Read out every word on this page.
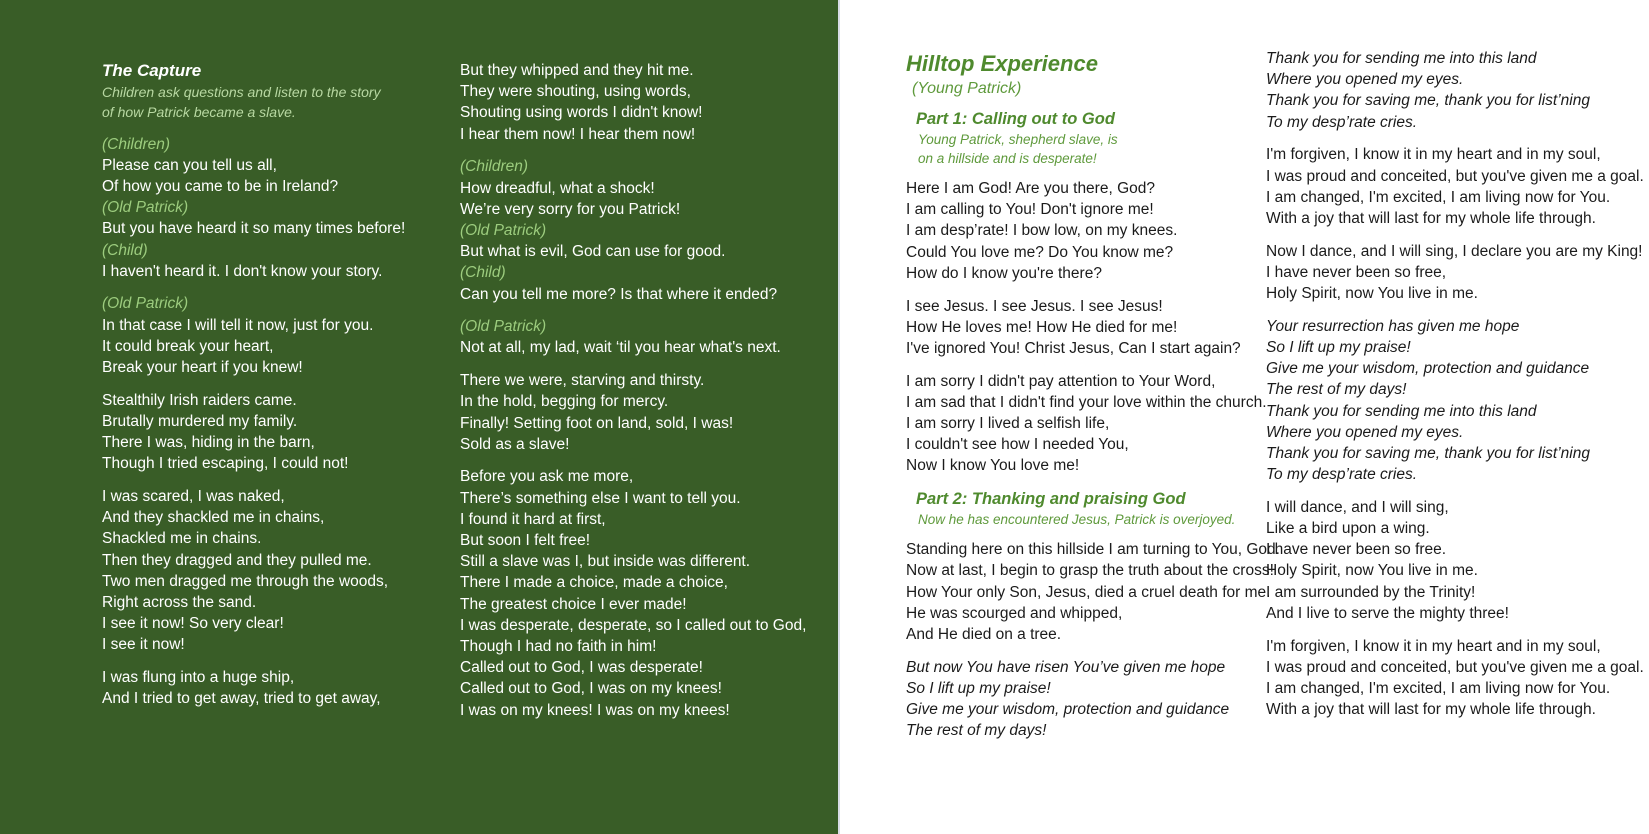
The Capture
Children ask questions and listen to the story
of how Patrick became a slave.
(Children)
Please can you tell us all,
Of how you came to be in Ireland?
(Old Patrick)
But you have heard it so many times before!
(Child)
I haven't heard it. I don't know your story.
(Old Patrick)
In that case I will tell it now, just for you.
It could break your heart,
Break your heart if you knew!
Stealthily Irish raiders came.
Brutally murdered my family.
There I was, hiding in the barn,
Though I tried escaping, I could not!
I was scared, I was naked,
And they shackled me in chains,
Shackled me in chains.
Then they dragged and they pulled me.
Two men dragged me through the woods,
Right across the sand.
I see it now! So very clear!
I see it now!
I was flung into a huge ship,
And I tried to get away, tried to get away,
But they whipped and they hit me.
They were shouting, using words,
Shouting using words I didn't know!
I hear them now! I hear them now!
(Children)
How dreadful, what a shock!
We’re very sorry for you Patrick!
(Old Patrick)
But what is evil, God can use for good.
(Child)
Can you tell me more? Is that where it ended?
(Old Patrick)
Not at all, my lad, wait ‘til you hear what's next.
There we were, starving and thirsty.
In the hold, begging for mercy.
Finally! Setting foot on land, sold, I was!
Sold as a slave!
Before you ask me more,
There’s something else I want to tell you.
I found it hard at first,
But soon I felt free!
Still a slave was I, but inside was different.
There I made a choice, made a choice,
The greatest choice I ever made!
I was desperate, desperate, so I called out to God,
Though I had no faith in him!
Called out to God, I was desperate!
Called out to God, I was on my knees!
I was on my knees! I was on my knees!
Hilltop Experience
(Young Patrick)
Part 1: Calling out to God
Young Patrick, shepherd slave, is
on a hillside and is desperate!
Here I am God! Are you there, God?
I am calling to You! Don't ignore me!
I am desp’rate! I bow low, on my knees.
Could You love me? Do You know me?
How do I know you're there?
I see Jesus. I see Jesus. I see Jesus!
How He loves me! How He died for me!
I've ignored You! Christ Jesus, Can I start again?
I am sorry I didn't pay attention to Your Word,
I am sad that I didn't find your love within the church.
I am sorry I lived a selfish life,
I couldn't see how I needed You,
Now I know You love me!
Part 2: Thanking and praising God
Now he has encountered Jesus, Patrick is overjoyed.
Standing here on this hillside I am turning to You, God.
Now at last, I begin to grasp the truth about the cross!
How Your only Son, Jesus, died a cruel death for me.
He was scourged and whipped,
And He died on a tree.
But now You have risen You’ve given me hope
So I lift up my praise!
Give me your wisdom, protection and guidance
The rest of my days!
Thank you for sending me into this land
Where you opened my eyes.
Thank you for saving me, thank you for list’ning
To my desp’rate cries.
I'm forgiven, I know it in my heart and in my soul,
I was proud and conceited, but you've given me a goal.
I am changed, I'm excited, I am living now for You.
With a joy that will last for my whole life through.
Now I dance, and I will sing, I declare you are my King!
I have never been so free,
Holy Spirit, now You live in me.
Your resurrection has given me hope
So I lift up my praise!
Give me your wisdom, protection and guidance
The rest of my days!
Thank you for sending me into this land
Where you opened my eyes.
Thank you for saving me, thank you for list’ning
To my desp’rate cries.
I will dance, and I will sing,
Like a bird upon a wing.
I have never been so free.
Holy Spirit, now You live in me.
I am surrounded by the Trinity!
And I live to serve the mighty three!
I'm forgiven, I know it in my heart and in my soul,
I was proud and conceited, but you've given me a goal.
I am changed, I'm excited, I am living now for You.
With a joy that will last for my whole life through.
